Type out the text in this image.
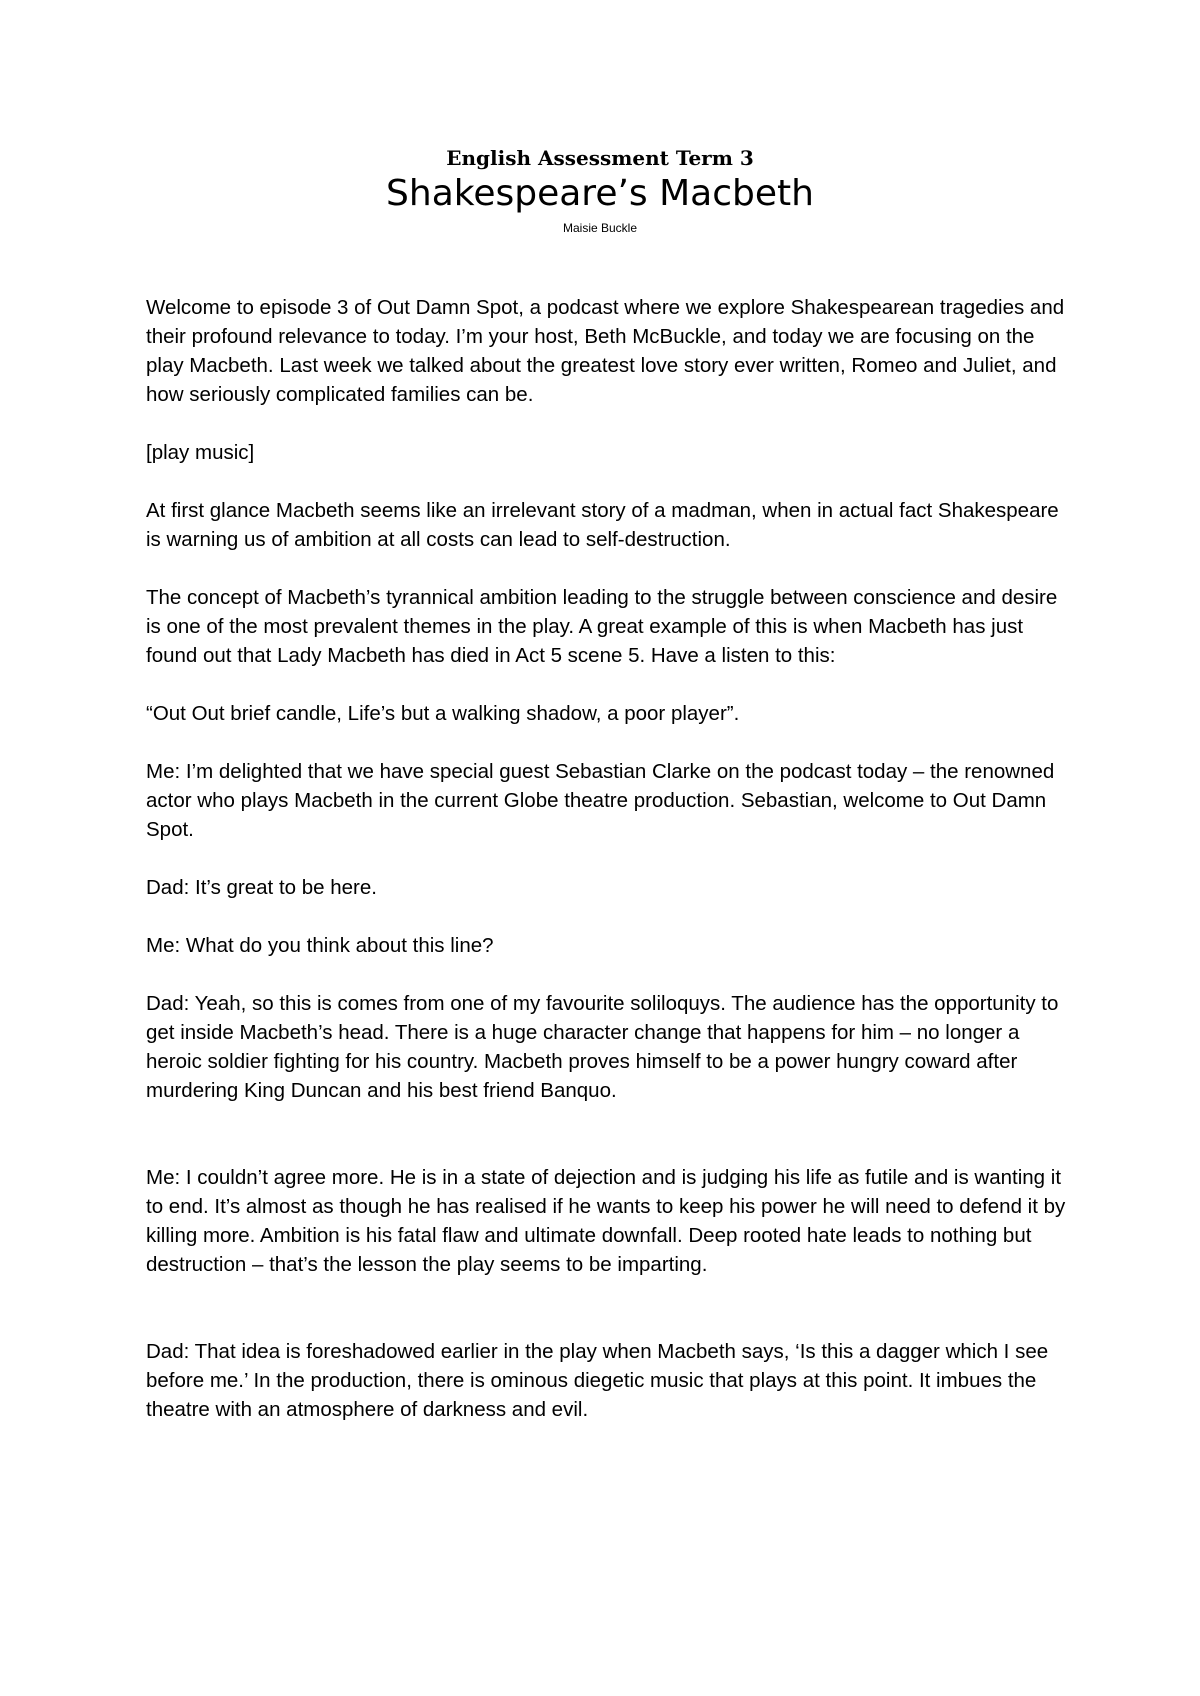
English Assessment Term 3
Shakespeare’s Macbeth
Maisie Buckle

Welcome to episode 3 of Out Damn Spot, a podcast where we explore Shakespearean tragedies and their profound relevance to today. I’m your host, Beth McBuckle, and today we are focusing on the play Macbeth. Last week we talked about the greatest love story ever written, Romeo and Juliet, and how seriously complicated families can be.

[play music]

At first glance Macbeth seems like an irrelevant story of a madman, when in actual fact Shakespeare is warning us of ambition at all costs can lead to self-destruction.

The concept of Macbeth’s tyrannical ambition leading to the struggle between conscience and desire is one of the most prevalent themes in the play. A great example of this is when Macbeth has just found out that Lady Macbeth has died in Act 5 scene 5. Have a listen to this:

“Out Out brief candle, Life’s but a walking shadow, a poor player”.

Me: I’m delighted that we have special guest Sebastian Clarke on the podcast today – the renowned actor who plays Macbeth in the current Globe theatre production. Sebastian, welcome to Out Damn Spot.

Dad: It’s great to be here.

Me: What do you think about this line?

Dad: Yeah, so this is comes from one of my favourite soliloquys. The audience has the opportunity to get inside Macbeth’s head. There is a huge character change that happens for him – no longer a heroic soldier fighting for his country. Macbeth proves himself to be a power hungry coward after murdering King Duncan and his best friend Banquo.

Me: I couldn’t agree more. He is in a state of dejection and is judging his life as futile and is wanting it to end. It’s almost as though he has realised if he wants to keep his power he will need to defend it by killing more. Ambition is his fatal flaw and ultimate downfall. Deep rooted hate leads to nothing but destruction – that’s the lesson the play seems to be imparting.

Dad: That idea is foreshadowed earlier in the play when Macbeth says, ‘Is this a dagger which I see before me.’ In the production, there is ominous diegetic music that plays at this point. It imbues the theatre with an atmosphere of darkness and evil.
